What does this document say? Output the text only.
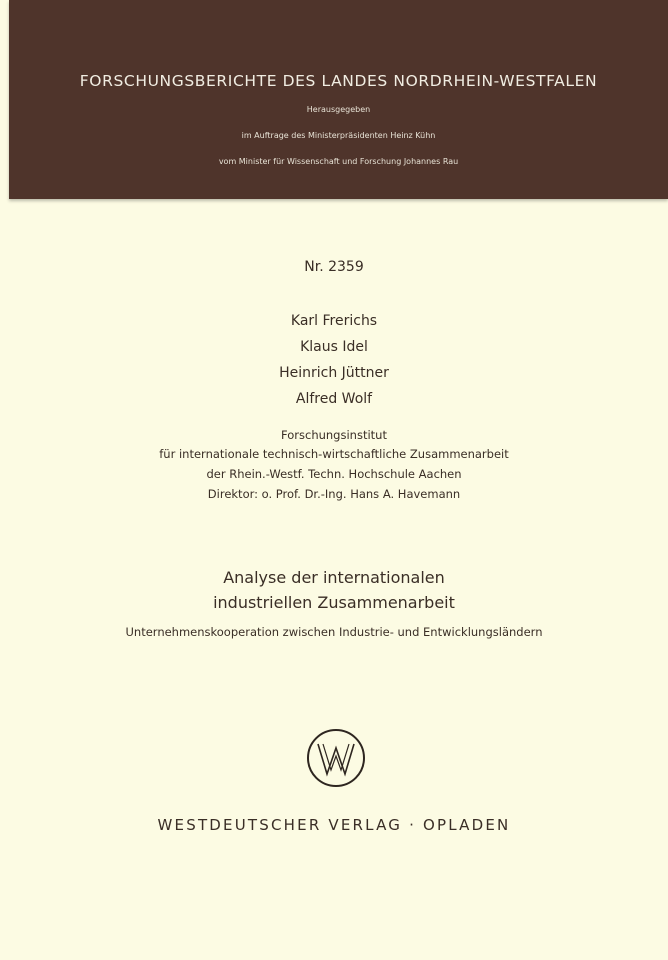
FORSCHUNGSBERICHTE DES LANDES NORDRHEIN-WESTFALEN
Herausgegeben
im Auftrage des Ministerpräsidenten Heinz Kühn
vom Minister für Wissenschaft und Forschung Johannes Rau
Nr. 2359
Karl Frerichs
Klaus Idel
Heinrich Jüttner
Alfred Wolf
Forschungsinstitut
für internationale technisch-wirtschaftliche Zusammenarbeit
der Rhein.-Westf. Techn. Hochschule Aachen
Direktor: o. Prof. Dr.-Ing. Hans A. Havemann
Analyse der internationalen
industriellen Zusammenarbeit
Unternehmenskooperation zwischen Industrie- und Entwicklungsländern
WESTDEUTSCHER VERLAG · OPLADEN
